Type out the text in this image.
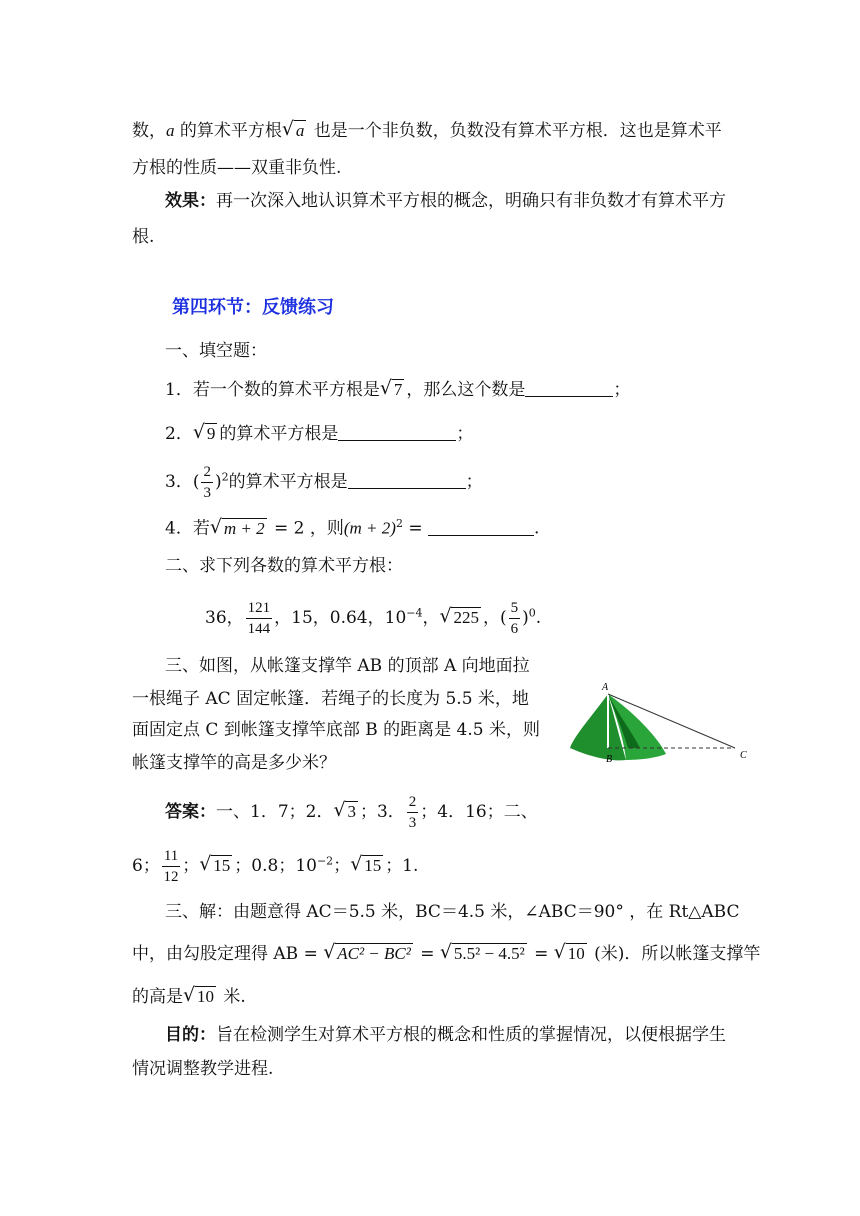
数，a 的算术平方根 √ a 也是一个非负数，负数没有算术平方根．这也是算术平
方根的性质——双重非负性.
效果：再一次深入地认识算术平方根的概念，明确只有非负数才有算术平方
根.
第四环节：反馈练习
一、填空题：
1．若一个数的算术平方根是 √ 7 ，那么这个数是	；
2． √ 9 的算术平方根是	；
3．( $\frac{2}{3} )^2$的算术平方根是	；
4．若 √ m + 2 = 2 ，则$(m + 2)^2$ =	.
二、求下列各数的算术平方根：
36， $\frac{121}{144}$ ，15，0.64，$10^{-4}$， √ 225 ，( $\frac{5}{6} )^0$.
三、如图，从帐篷支撑竿 AB 的顶部 A 向地面拉
一根绳子 AC 固定帐篷．若绳子的长度为 5.5 米，地
面固定点 C 到帐篷支撑竿底部 B 的距离是 4.5 米，则
帐篷支撑竿的高是多少米？
A
B	C
答案：一、1．7；2． √ 3 ；3． $\frac{2}{3}$ ；4．16；二、
6； $\frac{11}{12}$ ； √ 15 ；0.8；$10^{-2}$； √ 15 ；1.
三、解：由题意得 AC＝5.5 米，BC＝4.5 米，∠ABC＝90° ，在 Rt△ABC
中，由勾股定理得 AB = √ AC² − BC² = √ 5.5² − 4.5² = √ 10 (米)．所以帐篷支撑竿
的高是 √ 10 米.
目的：旨在检测学生对算术平方根的概念和性质的掌握情况，以便根据学生
情况调整教学进程.
